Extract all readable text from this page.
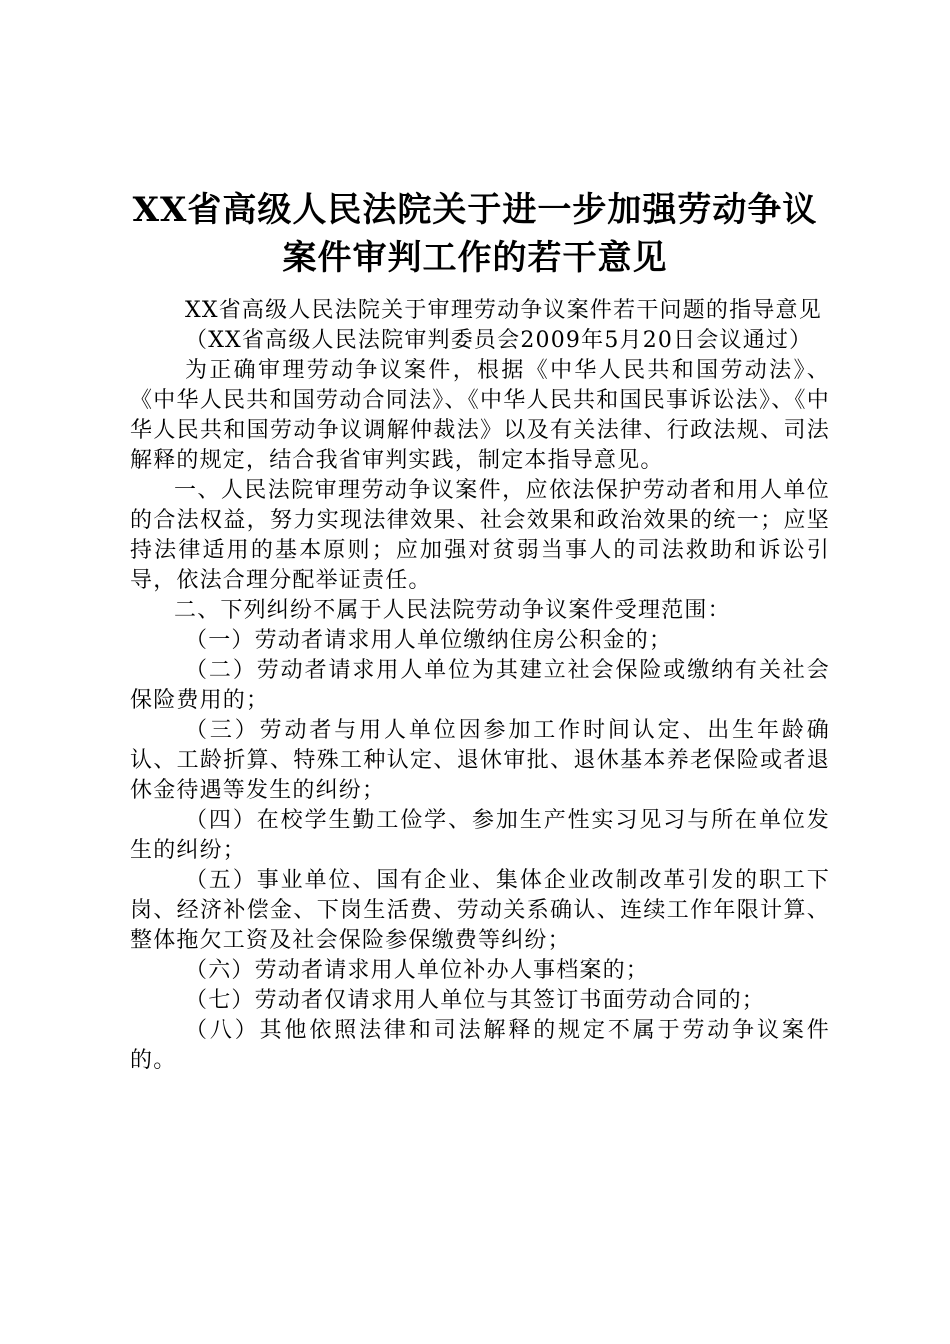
XX省高级人民法院关于进一步加强劳动争议
案件审判工作的若干意见

XX省高级人民法院关于审理劳动争议案件若干问题的指导意见

（XX省高级人民法院审判委员会2009年5月20日会议通过）

为正确审理劳动争议案件，根据《中华人民共和国劳动法》、《中华人民共和国劳动合同法》、《中华人民共和国民事诉讼法》、《中华人民共和国劳动争议调解仲裁法》以及有关法律、行政法规、司法解释的规定，结合我省审判实践，制定本指导意见。

一、人民法院审理劳动争议案件，应依法保护劳动者和用人单位的合法权益，努力实现法律效果、社会效果和政治效果的统一；应坚持法律适用的基本原则；应加强对贫弱当事人的司法救助和诉讼引导，依法合理分配举证责任。

二、下列纠纷不属于人民法院劳动争议案件受理范围：

（一）劳动者请求用人单位缴纳住房公积金的；

（二）劳动者请求用人单位为其建立社会保险或缴纳有关社会保险费用的；

（三）劳动者与用人单位因参加工作时间认定、出生年龄确认、工龄折算、特殊工种认定、退休审批、退休基本养老保险或者退休金待遇等发生的纠纷；

（四）在校学生勤工俭学、参加生产性实习见习与所在单位发生的纠纷；

（五）事业单位、国有企业、集体企业改制改革引发的职工下岗、经济补偿金、下岗生活费、劳动关系确认、连续工作年限计算、整体拖欠工资及社会保险参保缴费等纠纷；

（六）劳动者请求用人单位补办人事档案的；

（七）劳动者仅请求用人单位与其签订书面劳动合同的；

（八）其他依照法律和司法解释的规定不属于劳动争议案件的。
